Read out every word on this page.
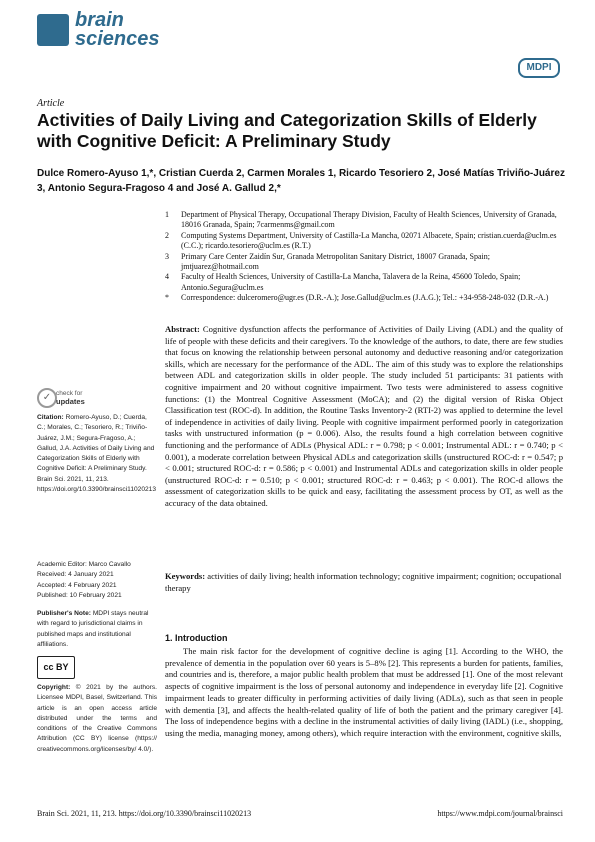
brain
sciences
MDPI
Article
Activities of Daily Living and Categorization Skills of Elderly with Cognitive Deficit: A Preliminary Study
Dulce Romero-Ayuso 1,*, Cristian Cuerda 2, Carmen Morales 1, Ricardo Tesoriero 2, José Matías Triviño-Juárez 3, Antonio Segura-Fragoso 4 and José A. Gallud 2,*
1	Department of Physical Therapy, Occupational Therapy Division, Faculty of Health Sciences, University of Granada, 18016 Granada, Spain; 7carmenms@gmail.com
2	Computing Systems Department, University of Castilla-La Mancha, 02071 Albacete, Spain; cristian.cuerda@uclm.es (C.C.); ricardo.tesoriero@uclm.es (R.T.)
3	Primary Care Center Zaidín Sur, Granada Metropolitan Sanitary District, 18007 Granada, Spain; jmtjuarez@hotmail.com
4	Faculty of Health Sciences, University of Castilla-La Mancha, Talavera de la Reina, 45600 Toledo, Spain; Antonio.Segura@uclm.es
*	Correspondence: dulceromero@ugr.es (D.R.-A.); Jose.Gallud@uclm.es (J.A.G.); Tel.: +34-958-248-032 (D.R.-A.)
Abstract: Cognitive dysfunction affects the performance of Activities of Daily Living (ADL) and the quality of life of people with these deficits and their caregivers. To the knowledge of the authors, to date, there are few studies that focus on knowing the relationship between personal autonomy and deductive reasoning and/or categorization skills, which are necessary for the performance of the ADL. The aim of this study was to explore the relationships between ADL and categorization skills in older people. The study included 51 participants: 31 patients with cognitive impairment and 20 without cognitive impairment. Two tests were administered to assess cognitive functions: (1) the Montreal Cognitive Assessment (MoCA); and (2) the digital version of Riska Object Classification test (ROC-d). In addition, the Routine Tasks Inventory-2 (RTI-2) was applied to determine the level of independence in activities of daily living. People with cognitive impairment performed poorly in categorization tasks with unstructured information (p = 0.006). Also, the results found a high correlation between cognitive functioning and the performance of ADLs (Physical ADL: r = 0.798; p < 0.001; Instrumental ADL: r = 0.740; p < 0.001), a moderate correlation between Physical ADLs and categorization skills (unstructured ROC-d: r = 0.547; p < 0.001; structured ROC-d: r = 0.586; p < 0.001) and Instrumental ADLs and categorization skills in older people (unstructured ROC-d: r = 0.510; p < 0.001; structured ROC-d: r = 0.463; p < 0.001). The ROC-d allows the assessment of categorization skills to be quick and easy, facilitating the assessment process by OT, as well as the accuracy of the data obtained.
Keywords: activities of daily living; health information technology; cognitive impairment; cognition; occupational therapy
1. Introduction
The main risk factor for the development of cognitive decline is aging [1]. According to the WHO, the prevalence of dementia in the population over 60 years is 5–8% [2]. This represents a burden for patients, families, and countries and is, therefore, a major public health problem that must be addressed [1]. One of the most relevant aspects of cognitive impairment is the loss of personal autonomy and independence in everyday life [2]. Cognitive impairment leads to greater difficulty in performing activities of daily living (ADLs), such as that seen in people with dementia [3], and affects the health-related quality of life of both the patient and the primary caregiver [4]. The loss of independence begins with a decline in the instrumental activities of daily living (IADL) (i.e., shopping, using the media, managing money, among others), which require interaction with the environment, cognitive skills,
✓ check for
updates
Citation: Romero-Ayuso, D.; Cuerda, C.; Morales, C.; Tesoriero, R.; Triviño-Juárez, J.M.; Segura-Fragoso, A.; Gallud, J.A. Activities of Daily Living and Categorization Skills of Elderly with Cognitive Deficit: A Preliminary Study. Brain Sci. 2021, 11, 213. https://doi.org/10.3390/brainsci11020213
Academic Editor: Marco Cavallo
Received: 4 January 2021
Accepted: 4 February 2021
Published: 10 February 2021
Publisher's Note: MDPI stays neutral with regard to jurisdictional claims in published maps and institutional affiliations.
cc BY
Copyright: © 2021 by the authors. Licensee MDPI, Basel, Switzerland. This article is an open access article distributed under the terms and conditions of the Creative Commons Attribution (CC BY) license (https:// creativecommons.org/licenses/by/ 4.0/).
Brain Sci. 2021, 11, 213. https://doi.org/10.3390/brainsci11020213	https://www.mdpi.com/journal/brainsci
